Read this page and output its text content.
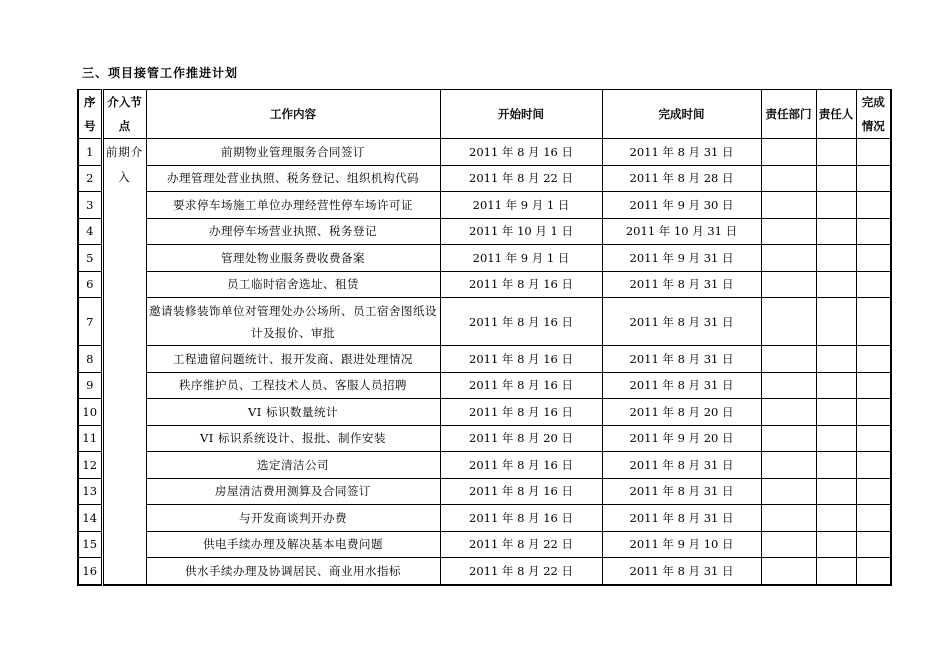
三、项目接管工作推进计划
序号	介入节点	工作内容	开始时间	完成时间	责任部门	责任人	完成情况
1	前期介入	前期物业管理服务合同签订	2011 年 8 月 16 日	2011 年 8 月 31 日			
2		办理管理处营业执照、税务登记、组织机构代码	2011 年 8 月 22 日	2011 年 8 月 28 日			
3		要求停车场施工单位办理经营性停车场许可证	2011 年 9 月 1 日	2011 年 9 月 30 日			
4		办理停车场营业执照、税务登记	2011 年 10 月 1 日	2011 年 10 月 31 日			
5		管理处物业服务费收费备案	2011 年 9 月 1 日	2011 年 9 月 31 日			
6		员工临时宿舍选址、租赁	2011 年 8 月 16 日	2011 年 8 月 31 日			
7		邀请装修装饰单位对管理处办公场所、员工宿舍图纸设计及报价、审批	2011 年 8 月 16 日	2011 年 8 月 31 日			
8		工程遗留问题统计、报开发商、跟进处理情况	2011 年 8 月 16 日	2011 年 8 月 31 日			
9		秩序维护员、工程技术人员、客服人员招聘	2011 年 8 月 16 日	2011 年 8 月 31 日			
10		VI 标识数量统计	2011 年 8 月 16 日	2011 年 8 月 20 日			
11		VI 标识系统设计、报批、制作安装	2011 年 8 月 20 日	2011 年 9 月 20 日			
12		选定清洁公司	2011 年 8 月 16 日	2011 年 8 月 31 日			
13		房屋清洁费用测算及合同签订	2011 年 8 月 16 日	2011 年 8 月 31 日			
14		与开发商谈判开办费	2011 年 8 月 16 日	2011 年 8 月 31 日			
15		供电手续办理及解决基本电费问题	2011 年 8 月 22 日	2011 年 9 月 10 日			
16		供水手续办理及协调居民、商业用水指标	2011 年 8 月 22 日	2011 年 8 月 31 日			
